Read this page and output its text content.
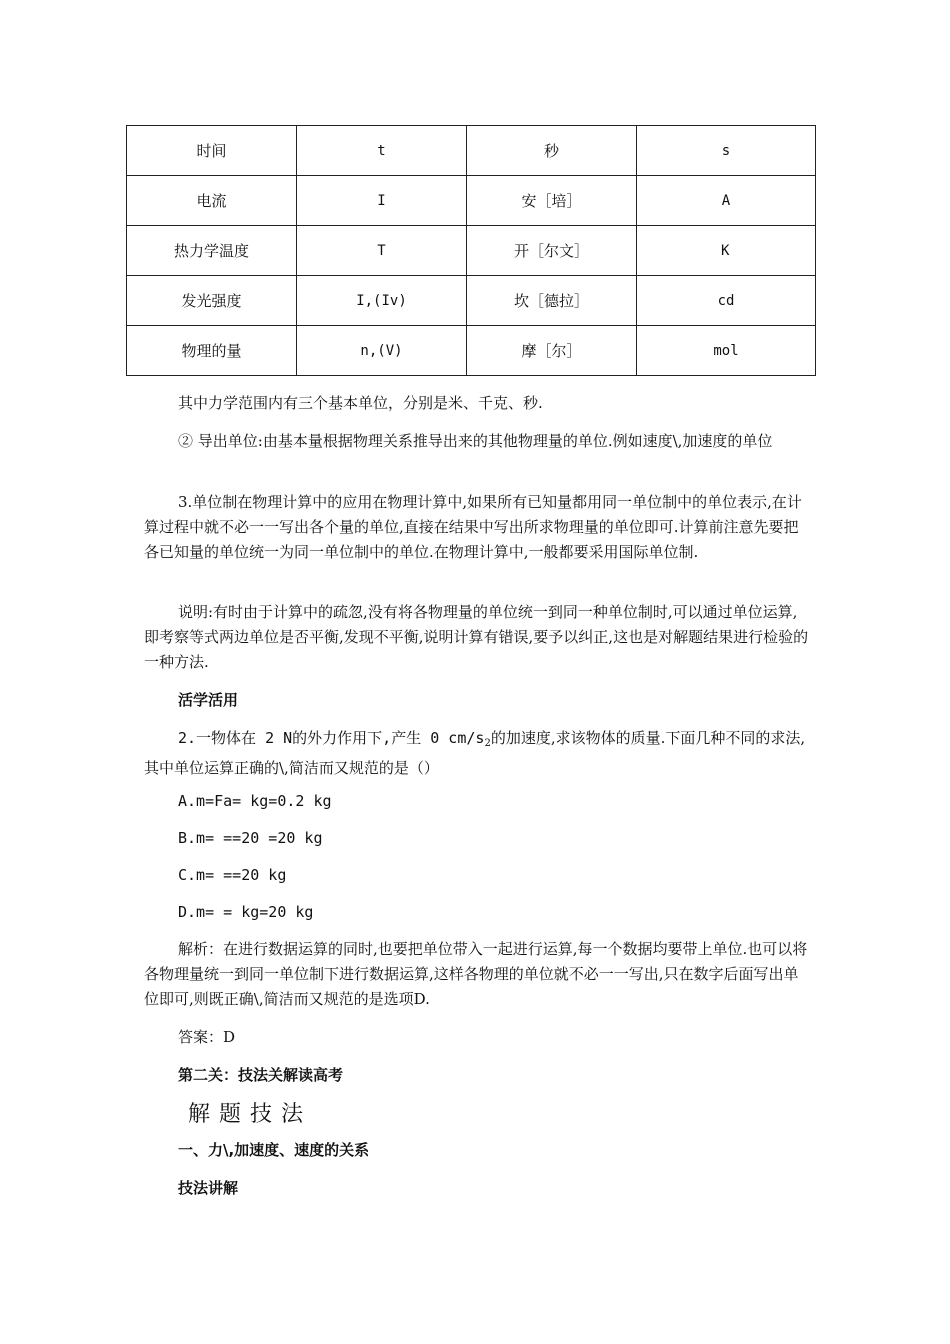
时间	t	秒	s
电流	I	安［培］	A
热力学温度	T	开［尔文］	K
发光强度	I,(Iv)	坎［德拉］	cd
物理的量	n,(V)	摩［尔］	mol
其中力学范围内有三个基本单位，分别是米、千克、秒.
② 导出单位:由基本量根据物理关系推导出来的其他物理量的单位.例如速度\,加速度的单位
3.单位制在物理计算中的应用在物理计算中,如果所有已知量都用同一单位制中的单位表示,在计算过程中就不必一一写出各个量的单位,直接在结果中写出所求物理量的单位即可.计算前注意先要把各已知量的单位统一为同一单位制中的单位.在物理计算中,一般都要采用国际单位制.
说明:有时由于计算中的疏忽,没有将各物理量的单位统一到同一种单位制时,可以通过单位运算,即考察等式两边单位是否平衡,发现不平衡,说明计算有错误,要予以纠正,这也是对解题结果进行检验的一种方法.
活学活用
2.一物体在 2 N的外力作用下,产生 0 $cm/s_2$的加速度,求该物体的质量.下面几种不同的求法,其中单位运算正确的\,简洁而又规范的是（）
A.m=Fa= kg=0.2 kg
B.m= ==20 =20 kg
C.m= ==20 kg
D.m= = kg=20 kg
解析：在进行数据运算的同时,也要把单位带入一起进行运算,每一个数据均要带上单位.也可以将各物理量统一到同一单位制下进行数据运算,这样各物理的单位就不必一一写出,只在数字后面写出单位即可,则既正确\,简洁而又规范的是选项D.
答案：D
第二关：技法关解读高考
解题技法
一、力\,加速度、速度的关系
技法讲解
